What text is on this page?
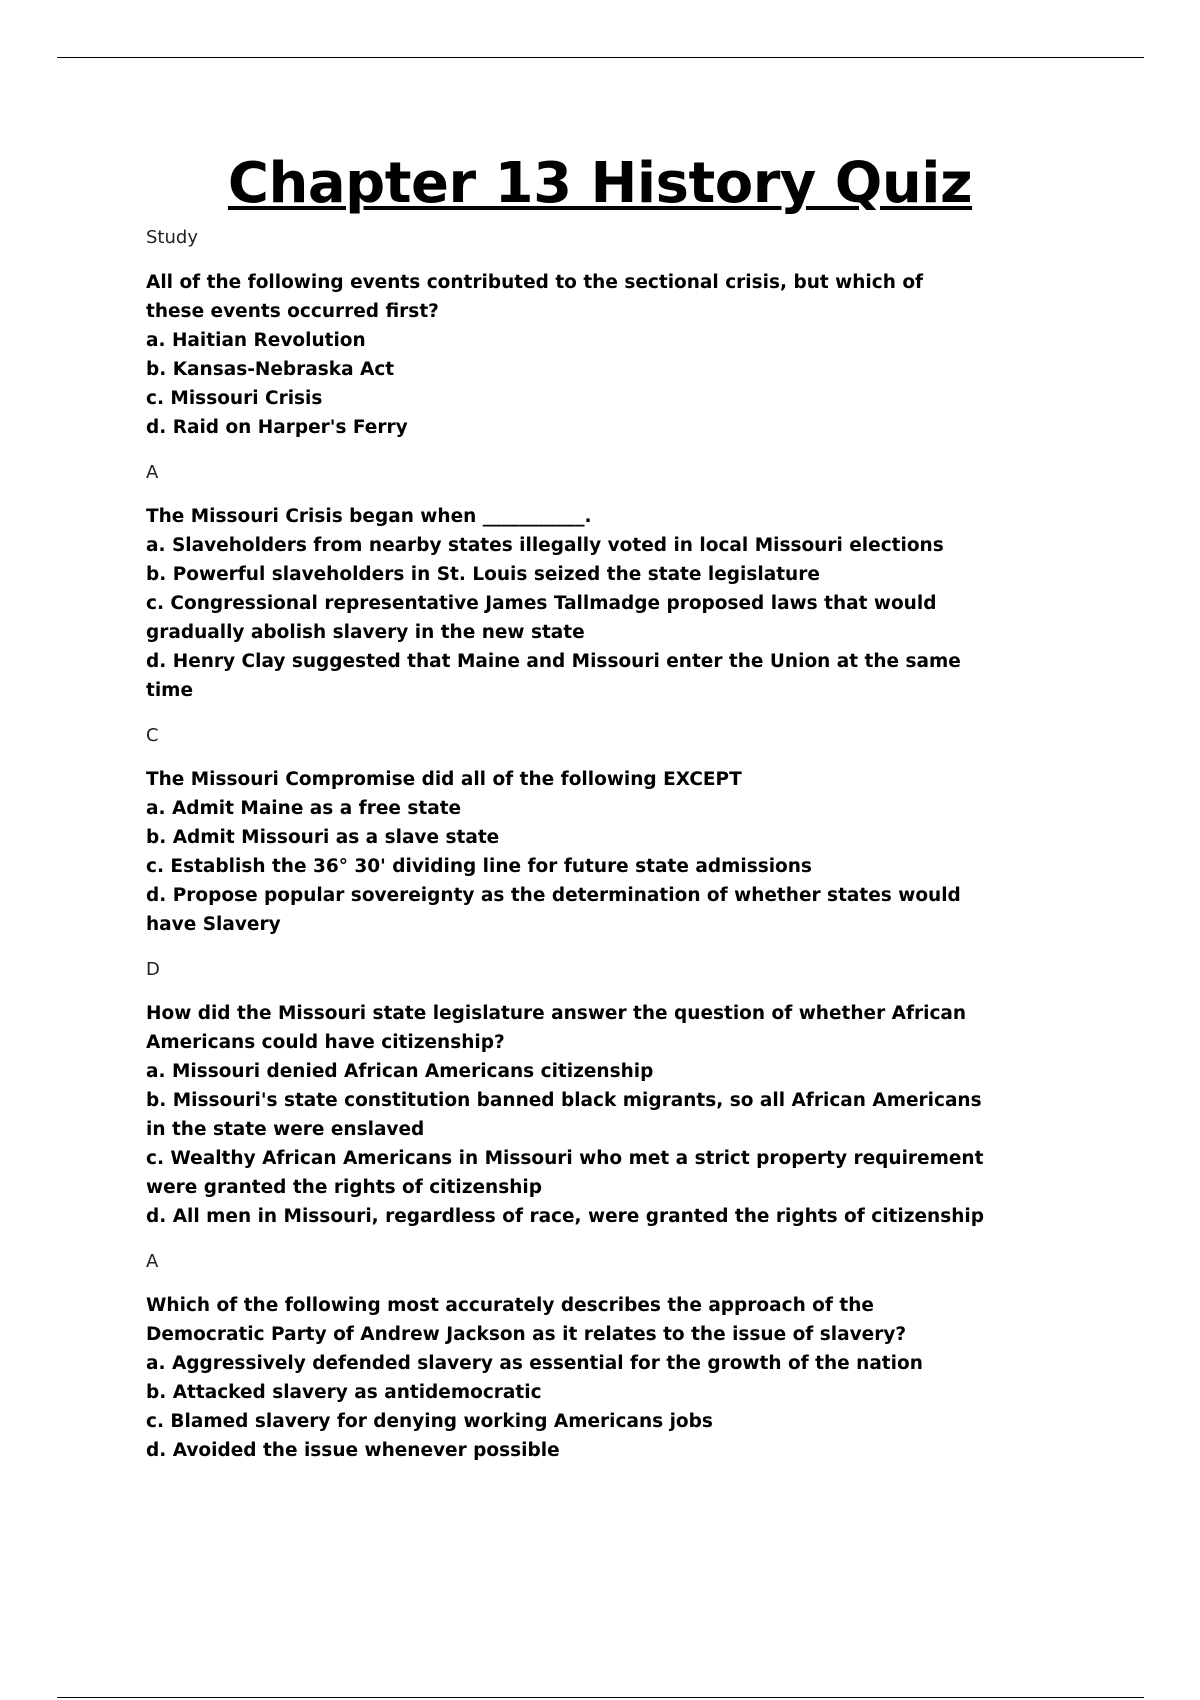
Chapter 13 History Quiz
Study

All of the following events contributed to the sectional crisis, but which of these events occurred first?

a. Haitian Revolution

b. Kansas-Nebraska Act

c. Missouri Crisis

d. Raid on Harper's Ferry

A

The Missouri Crisis began when ___________.

a. Slaveholders from nearby states illegally voted in local Missouri elections

b. Powerful slaveholders in St. Louis seized the state legislature

c. Congressional representative James Tallmadge proposed laws that would gradually abolish slavery in the new state

d. Henry Clay suggested that Maine and Missouri enter the Union at the same time

C

The Missouri Compromise did all of the following EXCEPT

a. Admit Maine as a free state

b. Admit Missouri as a slave state

c. Establish the 36° 30' dividing line for future state admissions

d. Propose popular sovereignty as the determination of whether states would have Slavery

D

How did the Missouri state legislature answer the question of whether African Americans could have citizenship?

a. Missouri denied African Americans citizenship

b. Missouri's state constitution banned black migrants, so all African Americans in the state were enslaved

c. Wealthy African Americans in Missouri who met a strict property requirement were granted the rights of citizenship

d. All men in Missouri, regardless of race, were granted the rights of citizenship

A

Which of the following most accurately describes the approach of the Democratic Party of Andrew Jackson as it relates to the issue of slavery?

a. Aggressively defended slavery as essential for the growth of the nation

b. Attacked slavery as antidemocratic

c. Blamed slavery for denying working Americans jobs

d. Avoided the issue whenever possible
